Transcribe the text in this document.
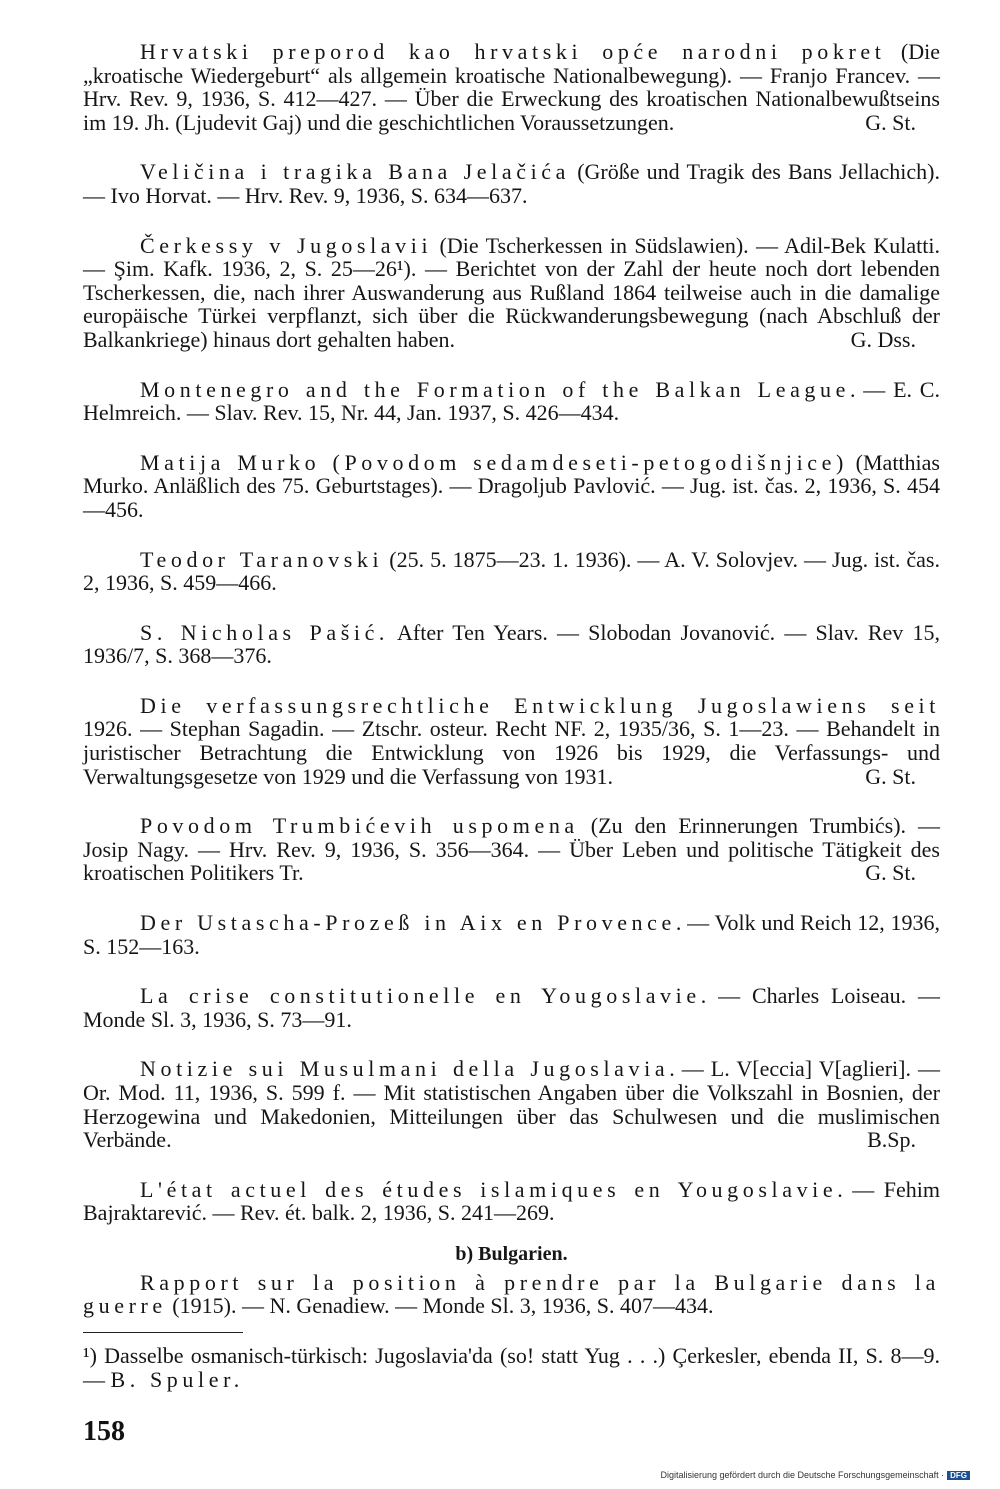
Hrvatski preporod kao hrvatski opće narodni pokret (Die „kroatische Wiedergeburt“ als allgemein kroatische Nationalbewegung). — Franjo Francev. — Hrv. Rev. 9, 1936, S. 412—427. — Über die Erweckung des kroatischen Nationalbewußtseins im 19. Jh. (Ljudevit Gaj) und die geschichtlichen Voraussetzungen.	G. St.

Veličina i tragika Bana Jelačića (Größe und Tragik des Bans Jellachich). — Ivo Horvat. — Hrv. Rev. 9, 1936, S. 634—637.

Čerkessy v Jugoslavii (Die Tscherkessen in Südslawien). — Adil-Bek Kulatti. — Şim. Kafk. 1936, 2, S. 25—26¹). — Berichtet von der Zahl der heute noch dort lebenden Tscherkessen, die, nach ihrer Auswanderung aus Rußland 1864 teilweise auch in die damalige europäische Türkei verpflanzt, sich über die Rückwanderungsbewegung (nach Abschluß der Balkankriege) hinaus dort gehalten haben.	G. Dss.

Montenegro and the Formation of the Balkan League. — E. C. Helmreich. — Slav. Rev. 15, Nr. 44, Jan. 1937, S. 426—434.

Matija Murko (Povodom sedamdeseti-petogodišnjice) (Matthias Murko. Anläßlich des 75. Geburtstages). — Dragoljub Pavlović. — Jug. ist. čas. 2, 1936, S. 454—456.

Teodor Taranovski (25. 5. 1875—23. 1. 1936). — A. V. Solovjev. — Jug. ist. čas. 2, 1936, S. 459—466.

S. Nicholas Pašić. After Ten Years. — Slobodan Jovanović. — Slav. Rev 15, 1936/7, S. 368—376.

Die verfassungsrechtliche Entwicklung Jugoslawiens seit 1926. — Stephan Sagadin. — Ztschr. osteur. Recht NF. 2, 1935/36, S. 1—23. — Behandelt in juristischer Betrachtung die Entwicklung von 1926 bis 1929, die Verfassungs- und Verwaltungsgesetze von 1929 und die Verfassung von 1931.	G. St.

Povodom Trumbićevih uspomena (Zu den Erinnerungen Trumbićs). — Josip Nagy. — Hrv. Rev. 9, 1936, S. 356—364. — Über Leben und politische Tätigkeit des kroatischen Politikers Tr.	G. St.

Der Ustascha-Prozeß in Aix en Provence. — Volk und Reich 12, 1936, S. 152—163.

La crise constitutionelle en Yougoslavie. — Charles Loiseau. — Monde Sl. 3, 1936, S. 73—91.

Notizie sui Musulmani della Jugoslavia. — L. V[eccia] V[aglieri]. — Or. Mod. 11, 1936, S. 599 f. — Mit statistischen Angaben über die Volkszahl in Bosnien, der Herzogewina und Makedonien, Mitteilungen über das Schulwesen und die muslimischen Verbände.	B.Sp.

L'état actuel des études islamiques en Yougoslavie. — Fehim Bajraktarević. — Rev. ét. balk. 2, 1936, S. 241—269.

b) Bulgarien.

Rapport sur la position à prendre par la Bulgarie dans la guerre (1915). — N. Genadiew. — Monde Sl. 3, 1936, S. 407—434.

¹) Dasselbe osmanisch-türkisch: Jugoslavia'da (so! statt Yug . . .) Çerkesler, ebenda II, S. 8—9. — B. Spuler.
158
Digitalisierung gefördert durch die Deutsche Forschungsgemeinschaft · DFG
